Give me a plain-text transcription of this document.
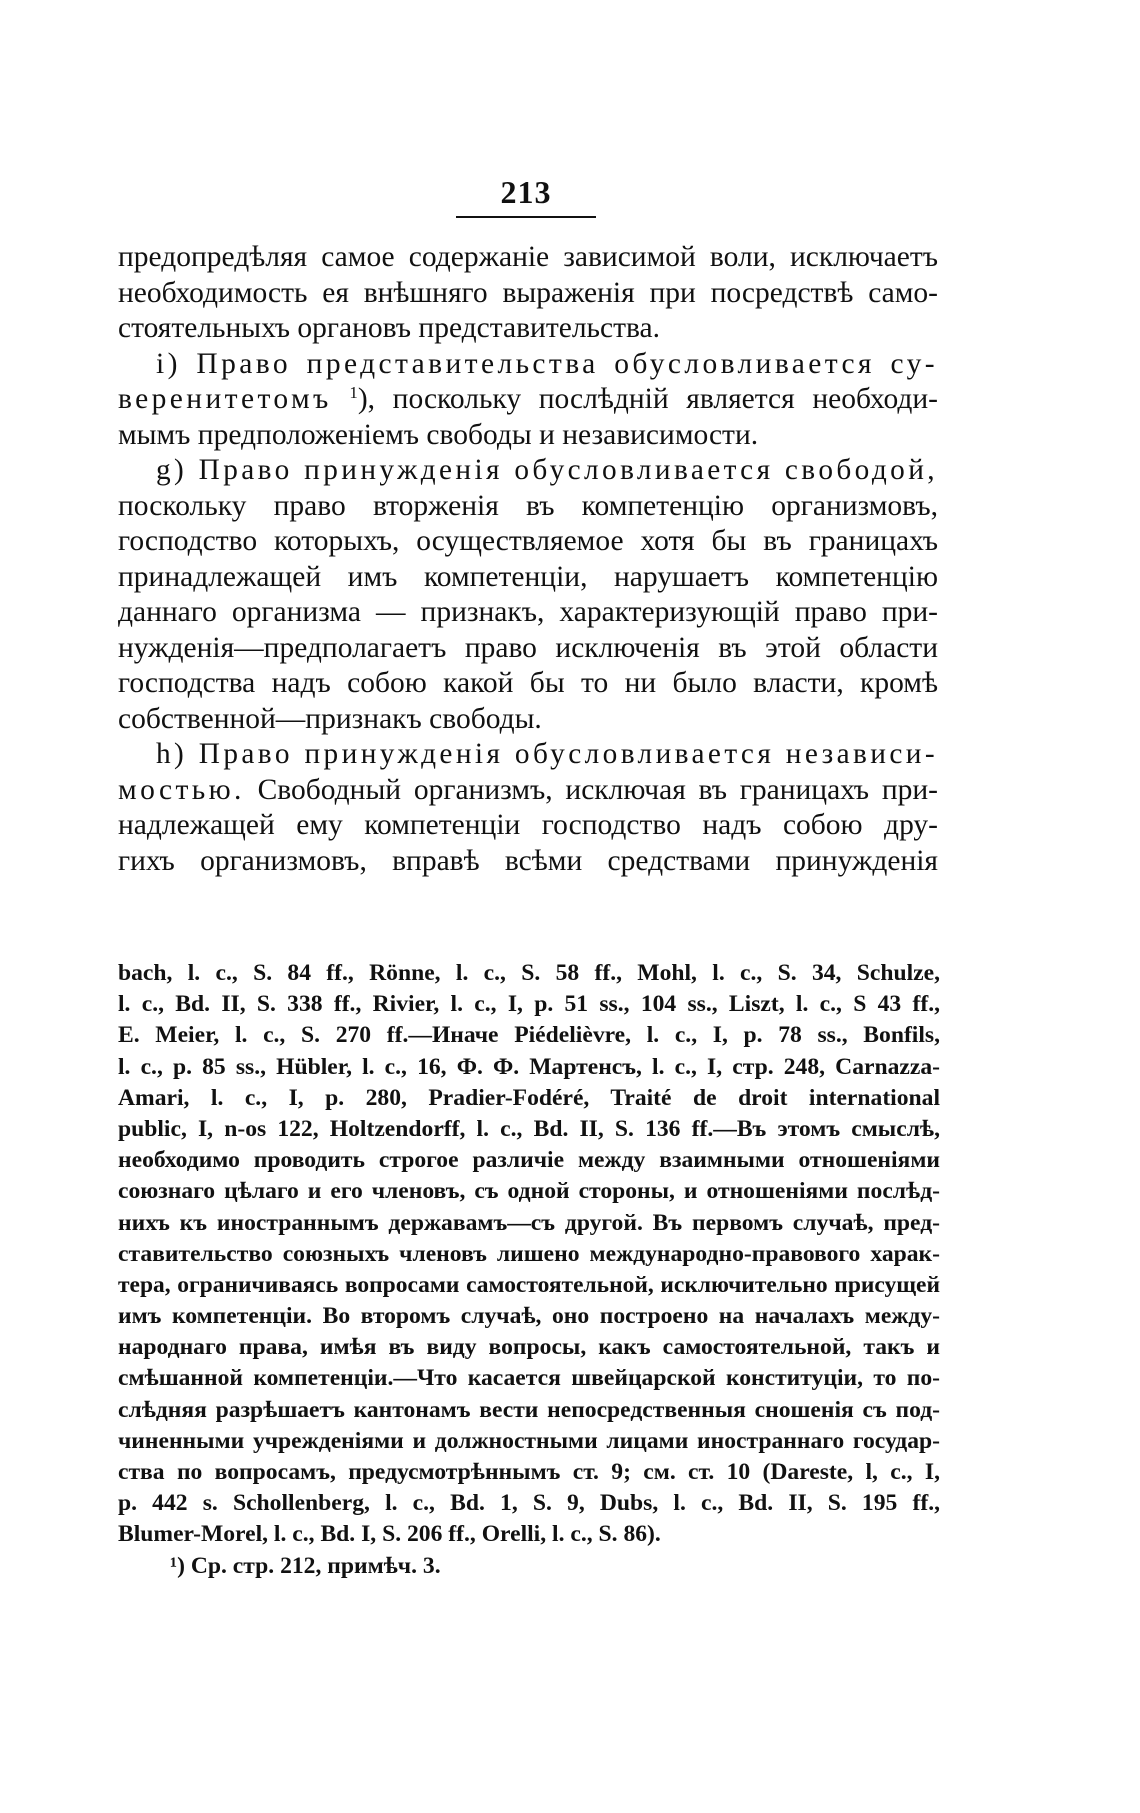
213
предопредѣляя самое содержаніе зависимой воли, исключаетъ
необходимость ея внѣшняго выраженія при посредствѣ само-
стоятельныхъ органовъ представительства.
i) Право представительства обусловливается су-
веренитетомъ $^1$), поскольку послѣдній является необходи-
мымъ предположеніемъ свободы и независимости.
g) Право принужденія обусловливается свободой,
поскольку право вторженія въ компетенцію организмовъ,
господство которыхъ, осуществляемое хотя бы въ границахъ
принадлежащей имъ компетенціи, нарушаетъ компетенцію
даннаго организма — признакъ, характеризующій право при-
нужденія—предполагаетъ право исключенія въ этой области
господства надъ собою какой бы то ни было власти, кромѣ
собственной—признакъ свободы.
h) Право принужденія обусловливается независи-
мостью. Свободный организмъ, исключая въ границахъ при-
надлежащей ему компетенціи господство надъ собою дру-
гихъ организмовъ, вправѣ всѣми средствами принужденія
bach, l. c., S. 84 ff., Rönne, l. c., S. 58 ff., Mohl, l. c., S. 34, Schulze,
l. c., Bd. II, S. 338 ff., Rivier, l. c., I, p. 51 ss., 104 ss., Liszt, l. c., S 43 ff.,
E. Meier, l. c., S. 270 ff.—Иначе Piédelièvre, l. c., I, p. 78 ss., Bonfils,
l. c., p. 85 ss., Hübler, l. c., 16, Ф. Ф. Мартенсъ, l. c., I, стр. 248, Carnazza-
Amari, l. c., I, p. 280, Pradier-Fodéré, Traité de droit international
public, I, n-os 122, Holtzendorff, l. c., Bd. II, S. 136 ff.—Въ этомъ смыслѣ,
необходимо проводить строгое различіе между взаимными отношеніями
союзнаго цѣлаго и его членовъ, съ одной стороны, и отношеніями послѣд-
нихъ къ иностраннымъ державамъ—съ другой. Въ первомъ случаѣ, пред-
ставительство союзныхъ членовъ лишено международно-правового харак-
тера, ограничиваясь вопросами самостоятельной, исключительно присущей
имъ компетенціи. Во второмъ случаѣ, оно построено на началахъ между-
народнаго права, имѣя въ виду вопросы, какъ самостоятельной, такъ и
смѣшанной компетенціи.—Что касается швейцарской конституціи, то по-
слѣдняя разрѣшаетъ кантонамъ вести непосредственныя сношенія съ под-
чиненными учрежденіями и должностными лицами иностраннаго государ-
ства по вопросамъ, предусмотрѣннымъ ст. 9; см. ст. 10 (Dareste, l, c., I,
p. 442 s. Schollenberg, l. c., Bd. 1, S. 9, Dubs, l. c., Bd. II, S. 195 ff.,
Blumer-Morel, l. c., Bd. I, S. 206 ff., Orelli, l. c., S. 86).
¹) Ср. стр. 212, примѣч. 3.
